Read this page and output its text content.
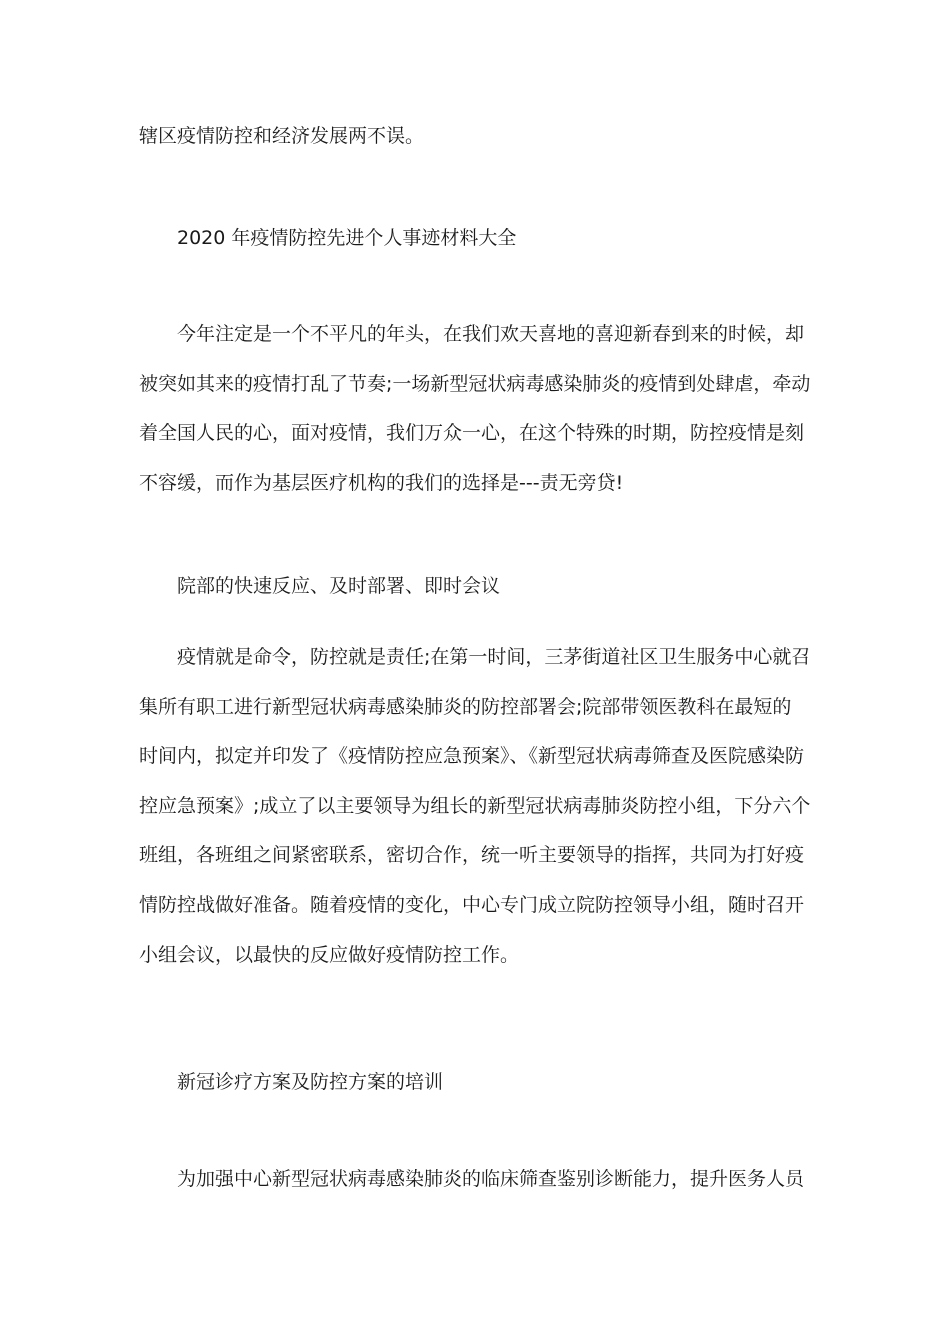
辖区疫情防控和经济发展两不误。

2020 年疫情防控先进个人事迹材料大全

今年注定是一个不平凡的年头，在我们欢天喜地的喜迎新春到来的时候，却
被突如其来的疫情打乱了节奏;一场新型冠状病毒感染肺炎的疫情到处肆虐，牵动
着全国人民的心，面对疫情，我们万众一心，在这个特殊的时期，防控疫情是刻
不容缓，而作为基层医疗机构的我们的选择是---责无旁贷!

院部的快速反应、及时部署、即时会议

疫情就是命令，防控就是责任;在第一时间，三茅街道社区卫生服务中心就召
集所有职工进行新型冠状病毒感染肺炎的防控部署会;院部带领医教科在最短的
时间内，拟定并印发了《疫情防控应急预案》、《新型冠状病毒筛查及医院感染防
控应急预案》;成立了以主要领导为组长的新型冠状病毒肺炎防控小组，下分六个
班组，各班组之间紧密联系，密切合作，统一听主要领导的指挥，共同为打好疫
情防控战做好准备。随着疫情的变化，中心专门成立院防控领导小组，随时召开
小组会议，以最快的反应做好疫情防控工作。

新冠诊疗方案及防控方案的培训

为加强中心新型冠状病毒感染肺炎的临床筛查鉴别诊断能力，提升医务人员
